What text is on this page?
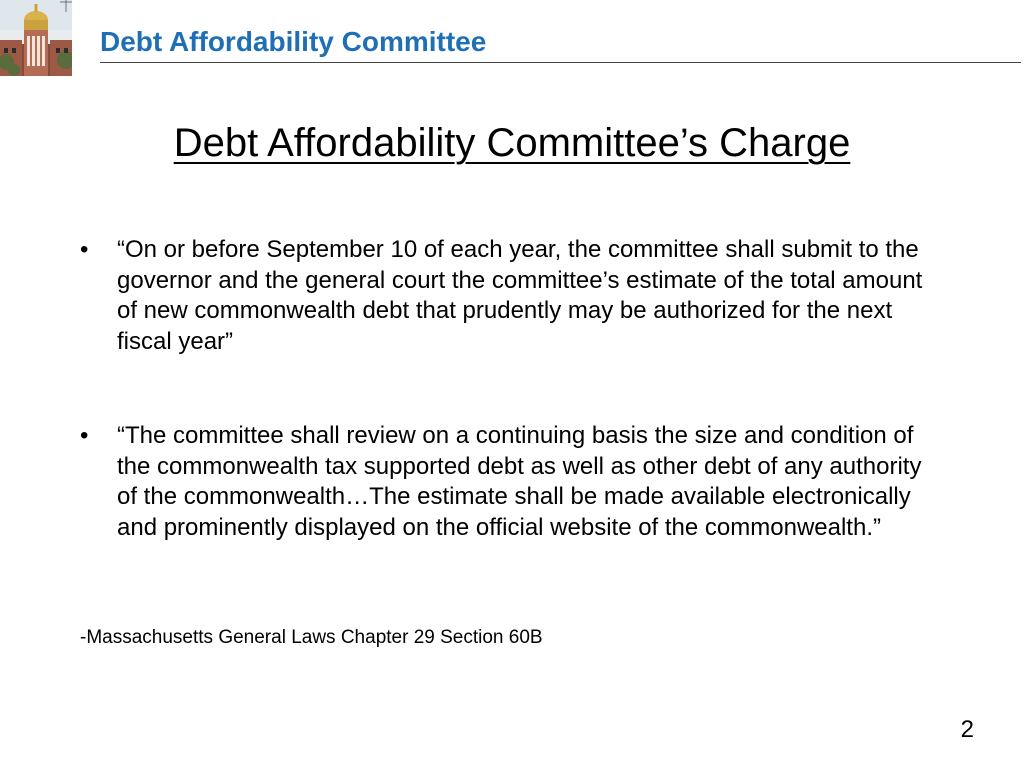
Debt Affordability Committee
Debt Affordability Committee’s Charge
• “On or before September 10 of each year, the committee shall submit to the governor and the general court the committee’s estimate of the total amount of new commonwealth debt that prudently may be authorized for the next fiscal year”
• “The committee shall review on a continuing basis the size and condition of the commonwealth tax supported debt as well as other debt of any authority of the commonwealth…The estimate shall be made available electronically and prominently displayed on the official website of the commonwealth.”
-Massachusetts General Laws Chapter 29 Section 60B
2
